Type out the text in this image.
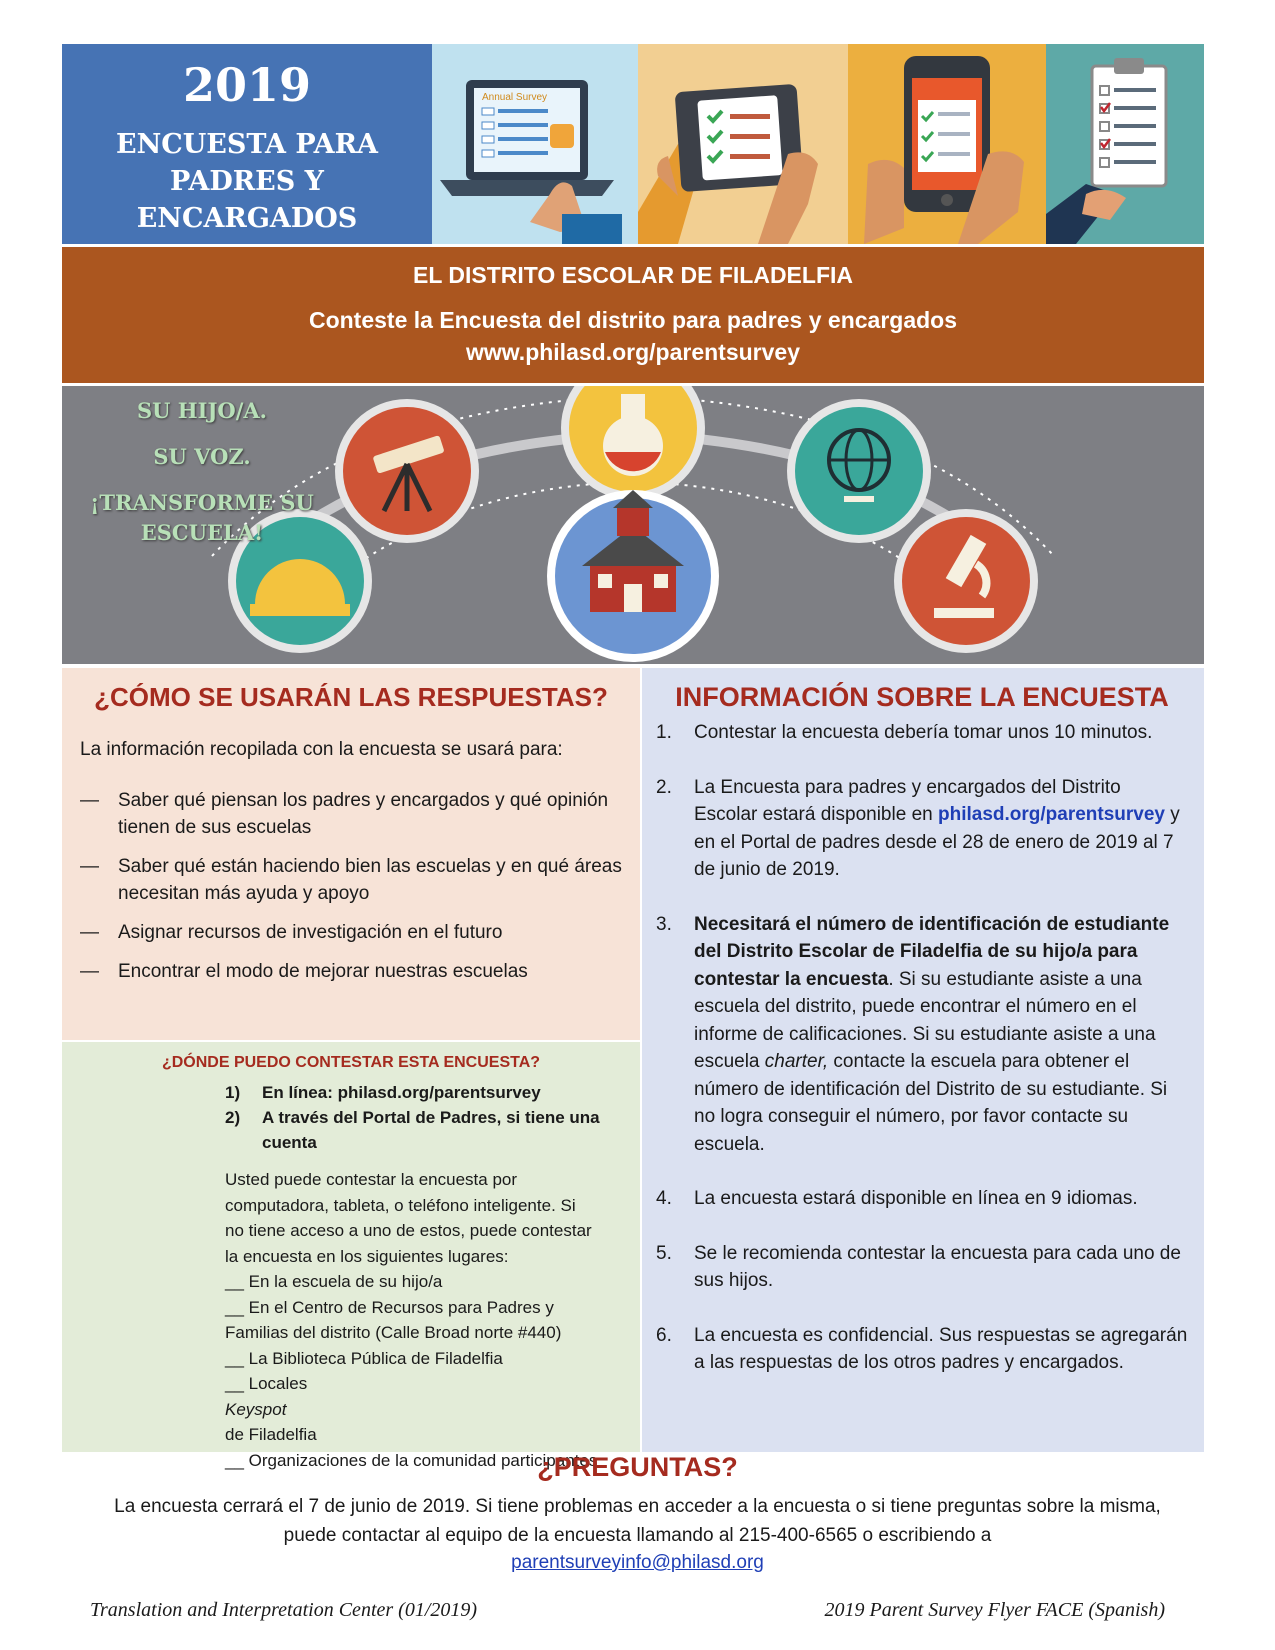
2019
ENCUESTA PARA PADRES Y ENCARGADOS
Annual Survey
EL DISTRITO ESCOLAR DE FILADELFIA
Conteste la Encuesta del distrito para padres y encargados
www.philasd.org/parentsurvey
SU HIJO/A.
SU VOZ.
¡TRANSFORME SU
ESCUELA!
¿CÓMO SE USARÁN LAS RESPUESTAS?
La información recopilada con la encuesta se usará para:
— Saber qué piensan los padres y encargados y qué opinión tienen de sus escuelas
— Saber qué están haciendo bien las escuelas y en qué áreas necesitan más ayuda y apoyo
— Asignar recursos de investigación en el futuro
— Encontrar el modo de mejorar nuestras escuelas
¿DÓNDE PUEDO CONTESTAR ESTA ENCUESTA?
1) En línea: philasd.org/parentsurvey
2) A través del Portal de Padres, si tiene una cuenta
Usted puede contestar la encuesta por
computadora, tableta, o teléfono inteligente. Si
no tiene acceso a uno de estos, puede contestar
la encuesta en los siguientes lugares:
__ En la escuela de su hijo/a
__ En el Centro de Recursos para Padres y
Familias del distrito (Calle Broad norte #440)
__ La Biblioteca Pública de Filadelfia
__ Locales
Keyspot
de Filadelfia
__ Organizaciones de la comunidad participantes
INFORMACIÓN SOBRE LA ENCUESTA
1. Contestar la encuesta debería tomar unos 10 minutos.
2. La Encuesta para padres y encargados del Distrito Escolar estará disponible en philasd.org/parentsurvey y en el Portal de padres desde el 28 de enero de 2019 al 7 de junio de 2019.
3. Necesitará el número de identificación de estudiante del Distrito Escolar de Filadelfia de su hijo/a para contestar la encuesta. Si su estudiante asiste a una escuela del distrito, puede encontrar el número en el informe de calificaciones. Si su estudiante asiste a una escuela charter, contacte la escuela para obtener el número de identificación del Distrito de su estudiante. Si no logra conseguir el número, por favor contacte su escuela.
4. La encuesta estará disponible en línea en 9 idiomas.
5. Se le recomienda contestar la encuesta para cada uno de sus hijos.
6. La encuesta es confidencial. Sus respuestas se agregarán a las respuestas de los otros padres y encargados.
¿PREGUNTAS?
La encuesta cerrará el 7 de junio de 2019. Si tiene problemas en acceder a la encuesta o si tiene preguntas sobre la misma, puede contactar al equipo de la encuesta llamando al 215-400-6565 o escribiendo a
parentsurveyinfo@philasd.org
Translation and Interpretation Center (01/2019)	2019 Parent Survey Flyer FACE (Spanish)
